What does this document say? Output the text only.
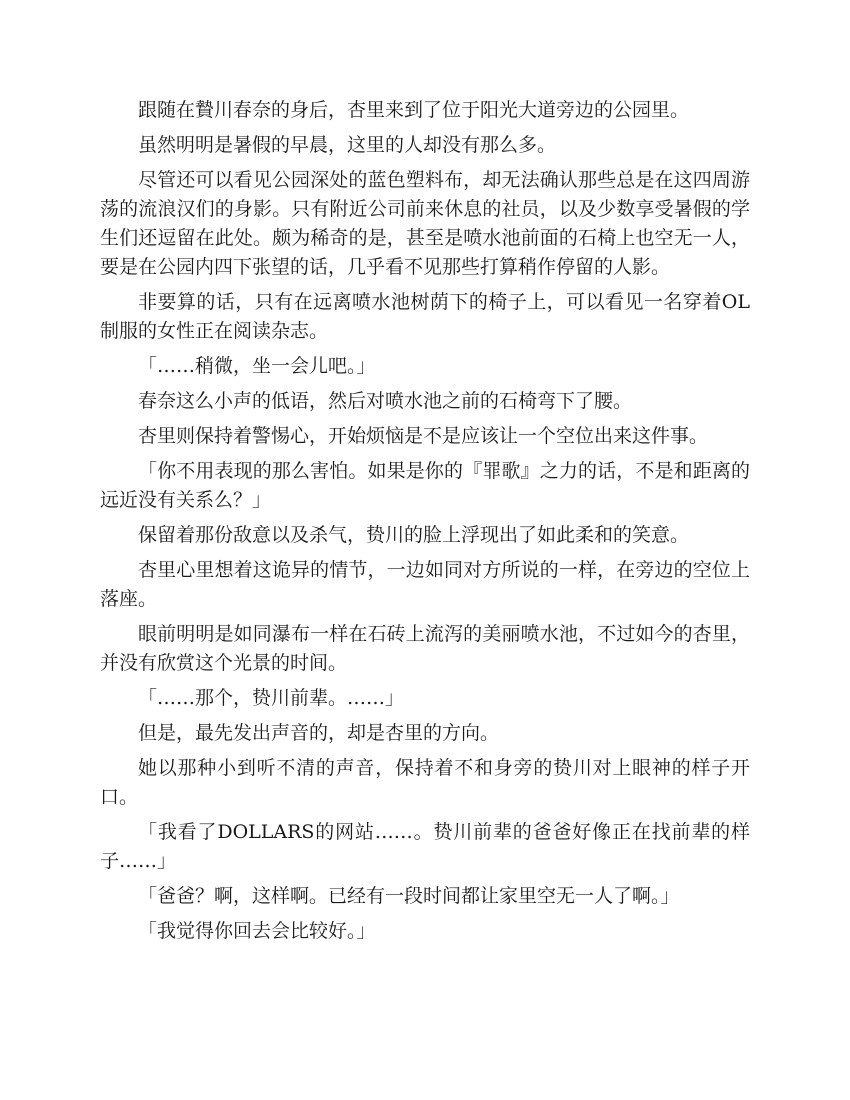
跟随在贄川春奈的身后，杏里来到了位于阳光大道旁边的公园里。

虽然明明是暑假的早晨，这里的人却没有那么多。

尽管还可以看见公园深处的蓝色塑料布，却无法确认那些总是在这四周游荡的流浪汉们的身影。只有附近公司前来休息的社员，以及少数享受暑假的学生们还逗留在此处。颇为稀奇的是，甚至是喷水池前面的石椅上也空无一人，要是在公园内四下张望的话，几乎看不见那些打算稍作停留的人影。

非要算的话，只有在远离喷水池树荫下的椅子上，可以看见一名穿着OL制服的女性正在阅读杂志。

「……稍微，坐一会儿吧。」

春奈这么小声的低语，然后对喷水池之前的石椅弯下了腰。

杏里则保持着警惕心，开始烦恼是不是应该让一个空位出来这件事。

「你不用表现的那么害怕。如果是你的『罪歌』之力的话，不是和距离的远近没有关系么？」

保留着那份敌意以及杀气，贽川的脸上浮现出了如此柔和的笑意。

杏里心里想着这诡异的情节，一边如同对方所说的一样，在旁边的空位上落座。

眼前明明是如同瀑布一样在石砖上流泻的美丽喷水池，不过如今的杏里，并没有欣赏这个光景的时间。

「……那个，贽川前辈。……」

但是，最先发出声音的，却是杏里的方向。

她以那种小到听不清的声音，保持着不和身旁的贽川对上眼神的样子开口。

「我看了DOLLARS的网站……。贽川前辈的爸爸好像正在找前辈的样子……」

「爸爸？啊，这样啊。已经有一段时间都让家里空无一人了啊。」

「我觉得你回去会比较好。」
